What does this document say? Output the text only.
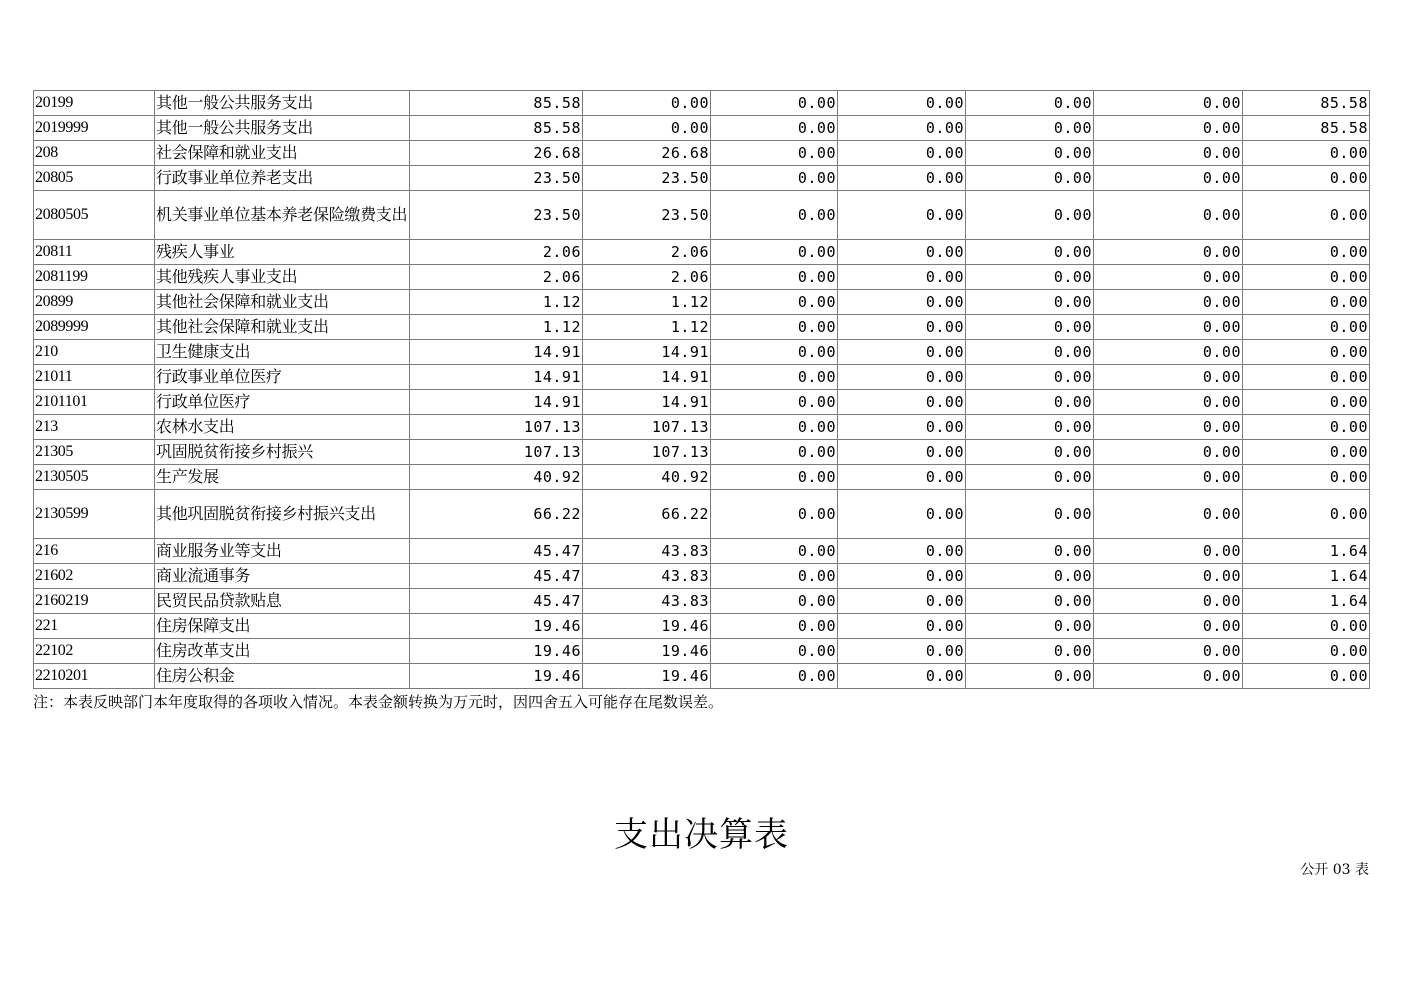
20199	其他一般公共服务支出	85.58	0.00	0.00	0.00	0.00	0.00	85.58
2019999	其他一般公共服务支出	85.58	0.00	0.00	0.00	0.00	0.00	85.58
208	社会保障和就业支出	26.68	26.68	0.00	0.00	0.00	0.00	0.00
20805	行政事业单位养老支出	23.50	23.50	0.00	0.00	0.00	0.00	0.00
2080505	机关事业单位基本养老保险缴费支出	23.50	23.50	0.00	0.00	0.00	0.00	0.00
20811	残疾人事业	2.06	2.06	0.00	0.00	0.00	0.00	0.00
2081199	其他残疾人事业支出	2.06	2.06	0.00	0.00	0.00	0.00	0.00
20899	其他社会保障和就业支出	1.12	1.12	0.00	0.00	0.00	0.00	0.00
2089999	其他社会保障和就业支出	1.12	1.12	0.00	0.00	0.00	0.00	0.00
210	卫生健康支出	14.91	14.91	0.00	0.00	0.00	0.00	0.00
21011	行政事业单位医疗	14.91	14.91	0.00	0.00	0.00	0.00	0.00
2101101	行政单位医疗	14.91	14.91	0.00	0.00	0.00	0.00	0.00
213	农林水支出	107.13	107.13	0.00	0.00	0.00	0.00	0.00
21305	巩固脱贫衔接乡村振兴	107.13	107.13	0.00	0.00	0.00	0.00	0.00
2130505	生产发展	40.92	40.92	0.00	0.00	0.00	0.00	0.00
2130599	其他巩固脱贫衔接乡村振兴支出	66.22	66.22	0.00	0.00	0.00	0.00	0.00
216	商业服务业等支出	45.47	43.83	0.00	0.00	0.00	0.00	1.64
21602	商业流通事务	45.47	43.83	0.00	0.00	0.00	0.00	1.64
2160219	民贸民品贷款贴息	45.47	43.83	0.00	0.00	0.00	0.00	1.64
221	住房保障支出	19.46	19.46	0.00	0.00	0.00	0.00	0.00
22102	住房改革支出	19.46	19.46	0.00	0.00	0.00	0.00	0.00
2210201	住房公积金	19.46	19.46	0.00	0.00	0.00	0.00	0.00
注：本表反映部门本年度取得的各项收入情况。本表金额转换为万元时，因四舍五入可能存在尾数误差。
支出决算表
公开 03 表
